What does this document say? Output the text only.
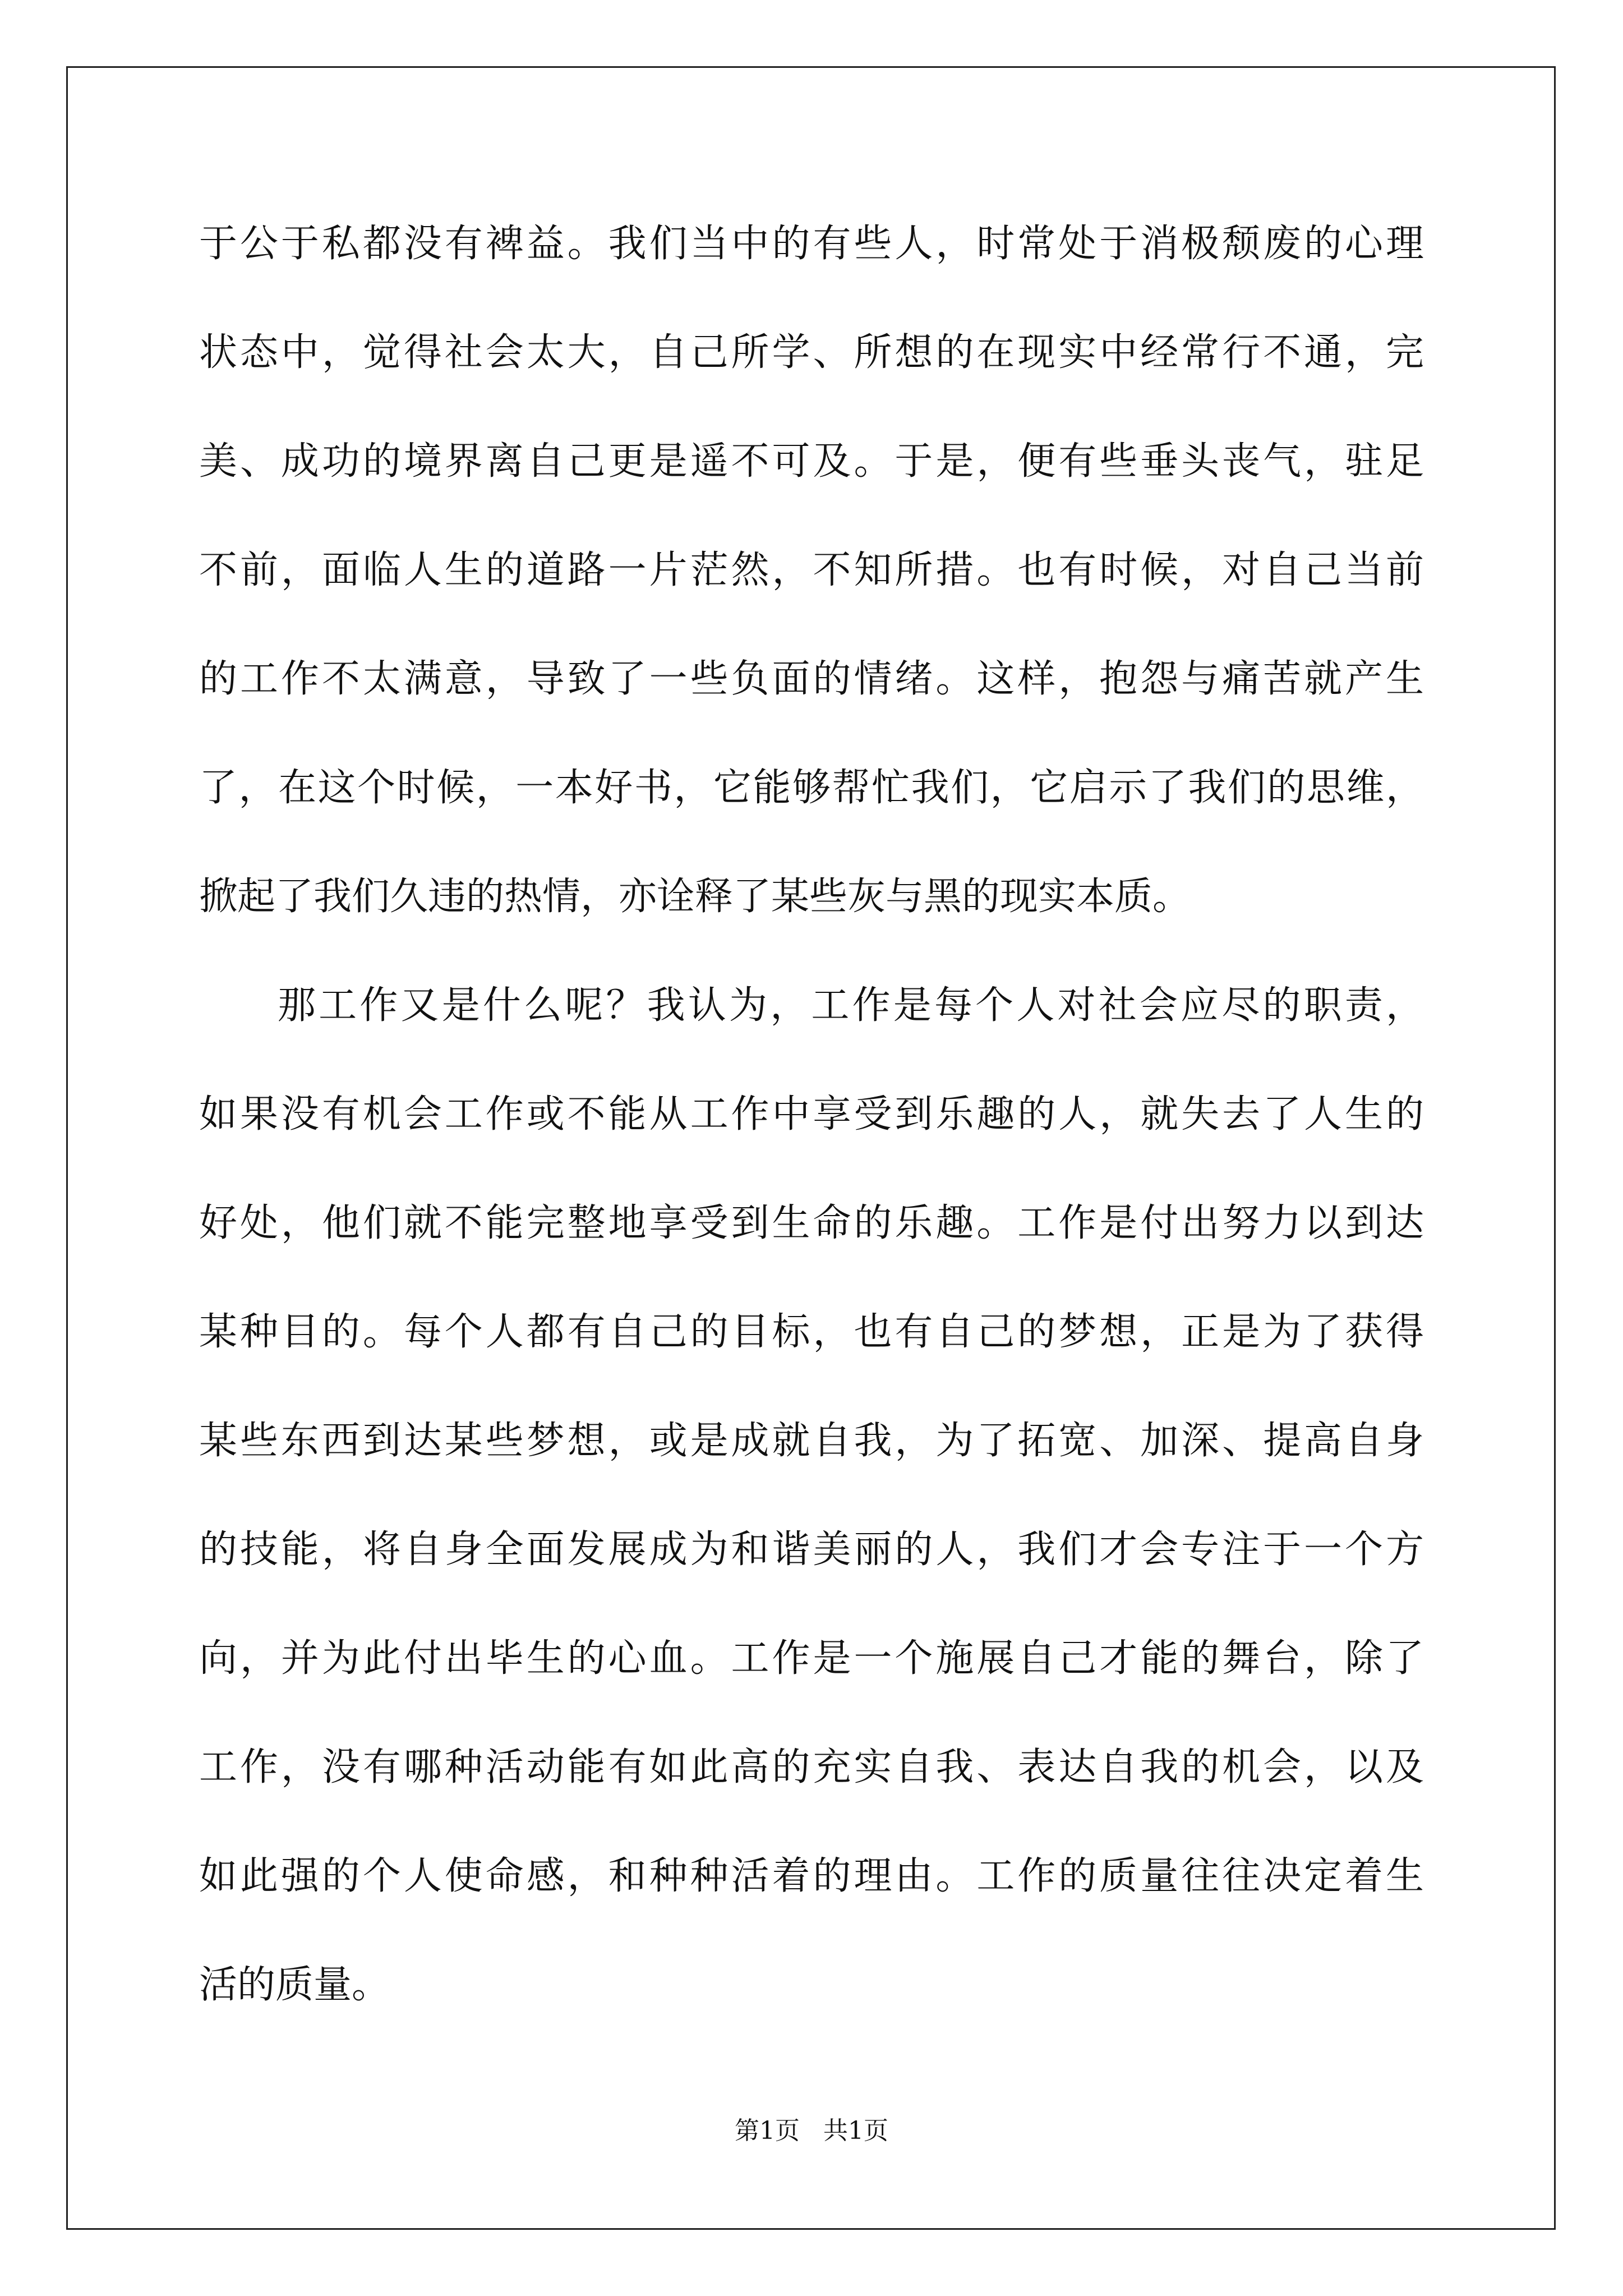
于公于私都没有裨益。我们当中的有些人，时常处于消极颓废的心理
状态中，觉得社会太大，自己所学、所想的在现实中经常行不通，完
美、成功的境界离自己更是遥不可及。于是，便有些垂头丧气，驻足
不前，面临人生的道路一片茫然，不知所措。也有时候，对自己当前
的工作不太满意，导致了一些负面的情绪。这样，抱怨与痛苦就产生
了，在这个时候，一本好书，它能够帮忙我们，它启示了我们的思维，
掀起了我们久违的热情，亦诠释了某些灰与黑的现实本质。
那工作又是什么呢？我认为，工作是每个人对社会应尽的职责，
如果没有机会工作或不能从工作中享受到乐趣的人，就失去了人生的
好处，他们就不能完整地享受到生命的乐趣。工作是付出努力以到达
某种目的。每个人都有自己的目标，也有自己的梦想，正是为了获得
某些东西到达某些梦想，或是成就自我，为了拓宽、加深、提高自身
的技能，将自身全面发展成为和谐美丽的人，我们才会专注于一个方
向，并为此付出毕生的心血。工作是一个施展自己才能的舞台，除了
工作，没有哪种活动能有如此高的充实自我、表达自我的机会，以及
如此强的个人使命感，和种种活着的理由。工作的质量往往决定着生
活的质量。
第1页   共1页
